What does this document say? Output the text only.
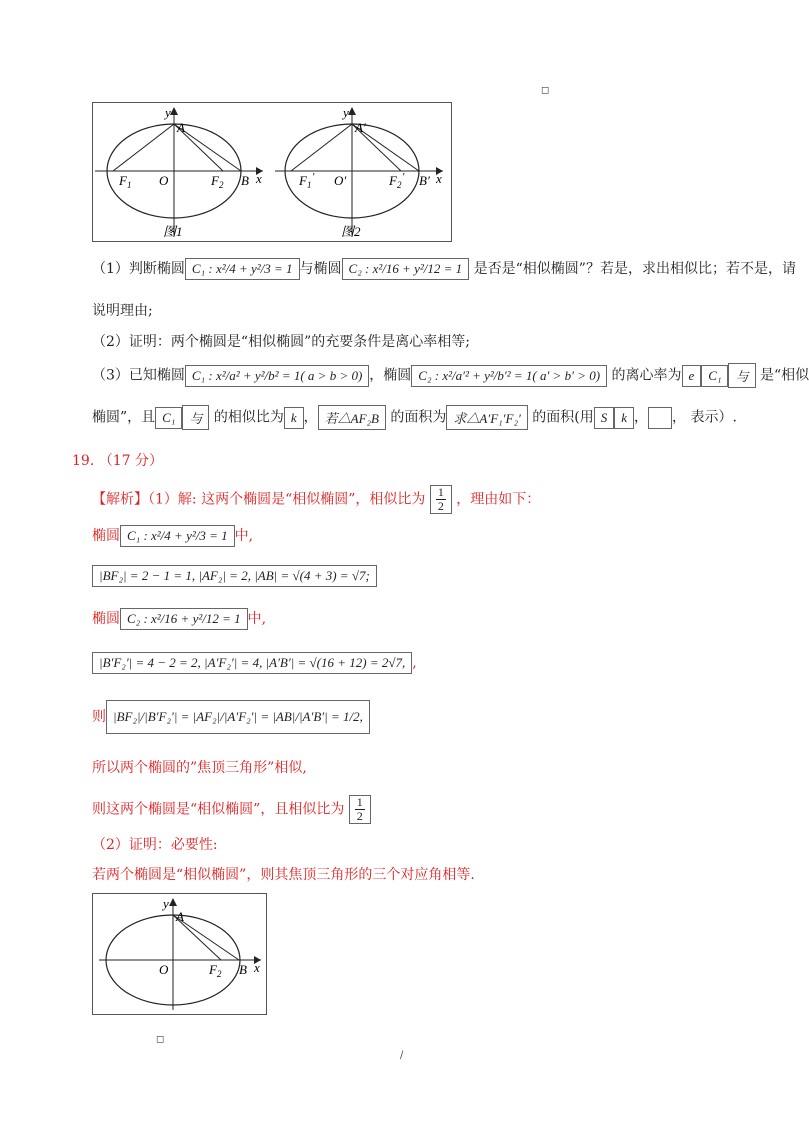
◻
y
A
F 1 O	F 2 B x
图1
y
A′
F 1
′ O′	F 2
′ B′ x
图2
（1）判断椭圆 C₁ : x²/4 + y²/3 = 1 与椭圆 C₂ : x²/16 + y²/12 = 1 是否是“相似椭圆”？若是，求出相似比；若不是，请
说明理由;
（2）证明：两个椭圆是“相似椭圆”的充要条件是离心率相等;
（3）已知椭圆 C₁ : x²/a² + y²/b² = 1( a > b > 0) ，椭圆 C₂ : x²/a′² + y²/b′² = 1( a′ > b′ > 0) 的离心率为 e C₁ 与 是“相似
椭圆”，且 C₁ 与 的相似比为 k ， 若△AF₂B 的面积为 求△A′F₁′F₂′ 的面积(用 S k ， ， 表示）.
19. （17 分）
【解析】（1）解: 这两个椭圆是“相似椭圆”，相似比为 $\frac{1}{2}$ ，理由如下：
椭圆 C₁ : x²/4 + y²/3 = 1 中,
|BF₂| = 2 − 1 = 1, |AF₂| = 2, |AB| = √(4 + 3) = √7;
椭圆 C₂ : x²/16 + y²/12 = 1 中,
|B′F₂′| = 4 − 2 = 2, |A′F₂′| = 4, |A′B′| = √(16 + 12) = 2√7, ,
则 |BF₂|/|B′F₂′| = |AF₂|/|A′F₂′| = |AB|/|A′B′| = 1/2,
所以两个椭圆的”焦顶三角形”相似,
则这两个椭圆是“相似椭圆”，且相似比为 $\frac{1}{2}$
（2）证明：必要性:
若两个椭圆是“相似椭圆”，则其焦顶三角形的三个对应角相等.
y
A
O	F 2 B x
◻
/
